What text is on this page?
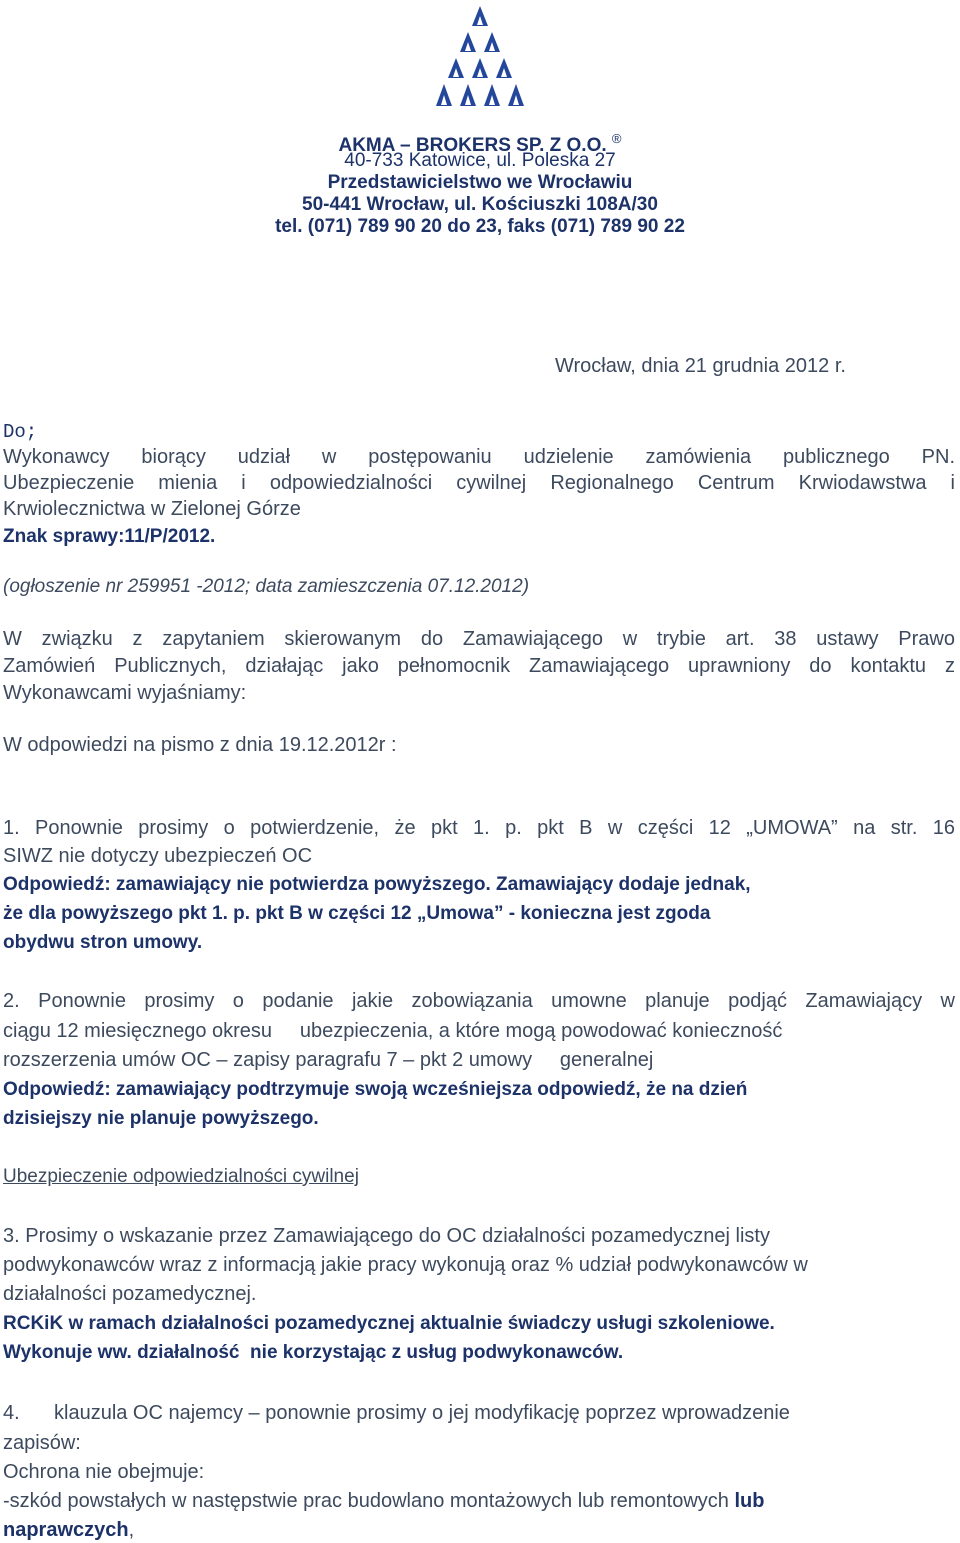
AKMA – BROKERS SP. Z O.O. ®
40-733 Katowice, ul. Poleska 27
Przedstawicielstwo we Wrocławiu
50-441 Wrocław, ul. Kościuszki 108A/30
tel. (071) 789 90 20 do 23, faks (071) 789 90 22
Wrocław, dnia 21 grudnia 2012 r.
Do;
Wykonawcy biorący udział w postępowaniu udzielenie zamówienia publicznego PN.
Ubezpieczenie mienia i odpowiedzialności cywilnej Regionalnego Centrum Krwiodawstwa i
Krwiolecznictwa w Zielonej Górze
Znak sprawy:11/P/2012.
(ogłoszenie nr 259951 -2012; data zamieszczenia 07.12.2012)
W związku z zapytaniem skierowanym do Zamawiającego w trybie art. 38 ustawy Prawo
Zamówień Publicznych, działając jako pełnomocnik Zamawiającego uprawniony do kontaktu z
Wykonawcami wyjaśniamy:
W odpowiedzi na pismo z dnia 19.12.2012r :
1. Ponownie prosimy o potwierdzenie, że pkt 1. p. pkt B w części 12 „UMOWA” na str. 16
SIWZ nie dotyczy ubezpieczeń OC
Odpowiedź: zamawiający nie potwierdza powyższego. Zamawiający dodaje jednak,
że dla powyższego pkt 1. p. pkt B w części 12 „Umowa” - konieczna jest zgoda
obydwu stron umowy.
2. Ponownie prosimy o podanie jakie zobowiązania umowne planuje podjąć Zamawiający w
ciągu 12 miesięcznego okresu     ubezpieczenia, a które mogą powodować konieczność
rozszerzenia umów OC – zapisy paragrafu 7 – pkt 2 umowy     generalnej
Odpowiedź: zamawiający podtrzymuje swoją wcześniejsza odpowiedź, że na dzień
dzisiejszy nie planuje powyższego.
Ubezpieczenie odpowiedzialności cywilnej
3. Prosimy o wskazanie przez Zamawiającego do OC działalności pozamedycznej listy
podwykonawców wraz z informacją jakie pracy wykonują oraz % udział podwykonawców w
działalności pozamedycznej.
RCKiK w ramach działalności pozamedycznej aktualnie świadczy usługi szkoleniowe.
Wykonuje ww. działalność  nie korzystając z usług podwykonawców.
4. klauzula OC najemcy – ponownie prosimy o jej modyfikację poprzez wprowadzenie
zapisów:
Ochrona nie obejmuje:
-szkód powstałych w następstwie prac budowlano montażowych lub remontowych lub
naprawczych,
